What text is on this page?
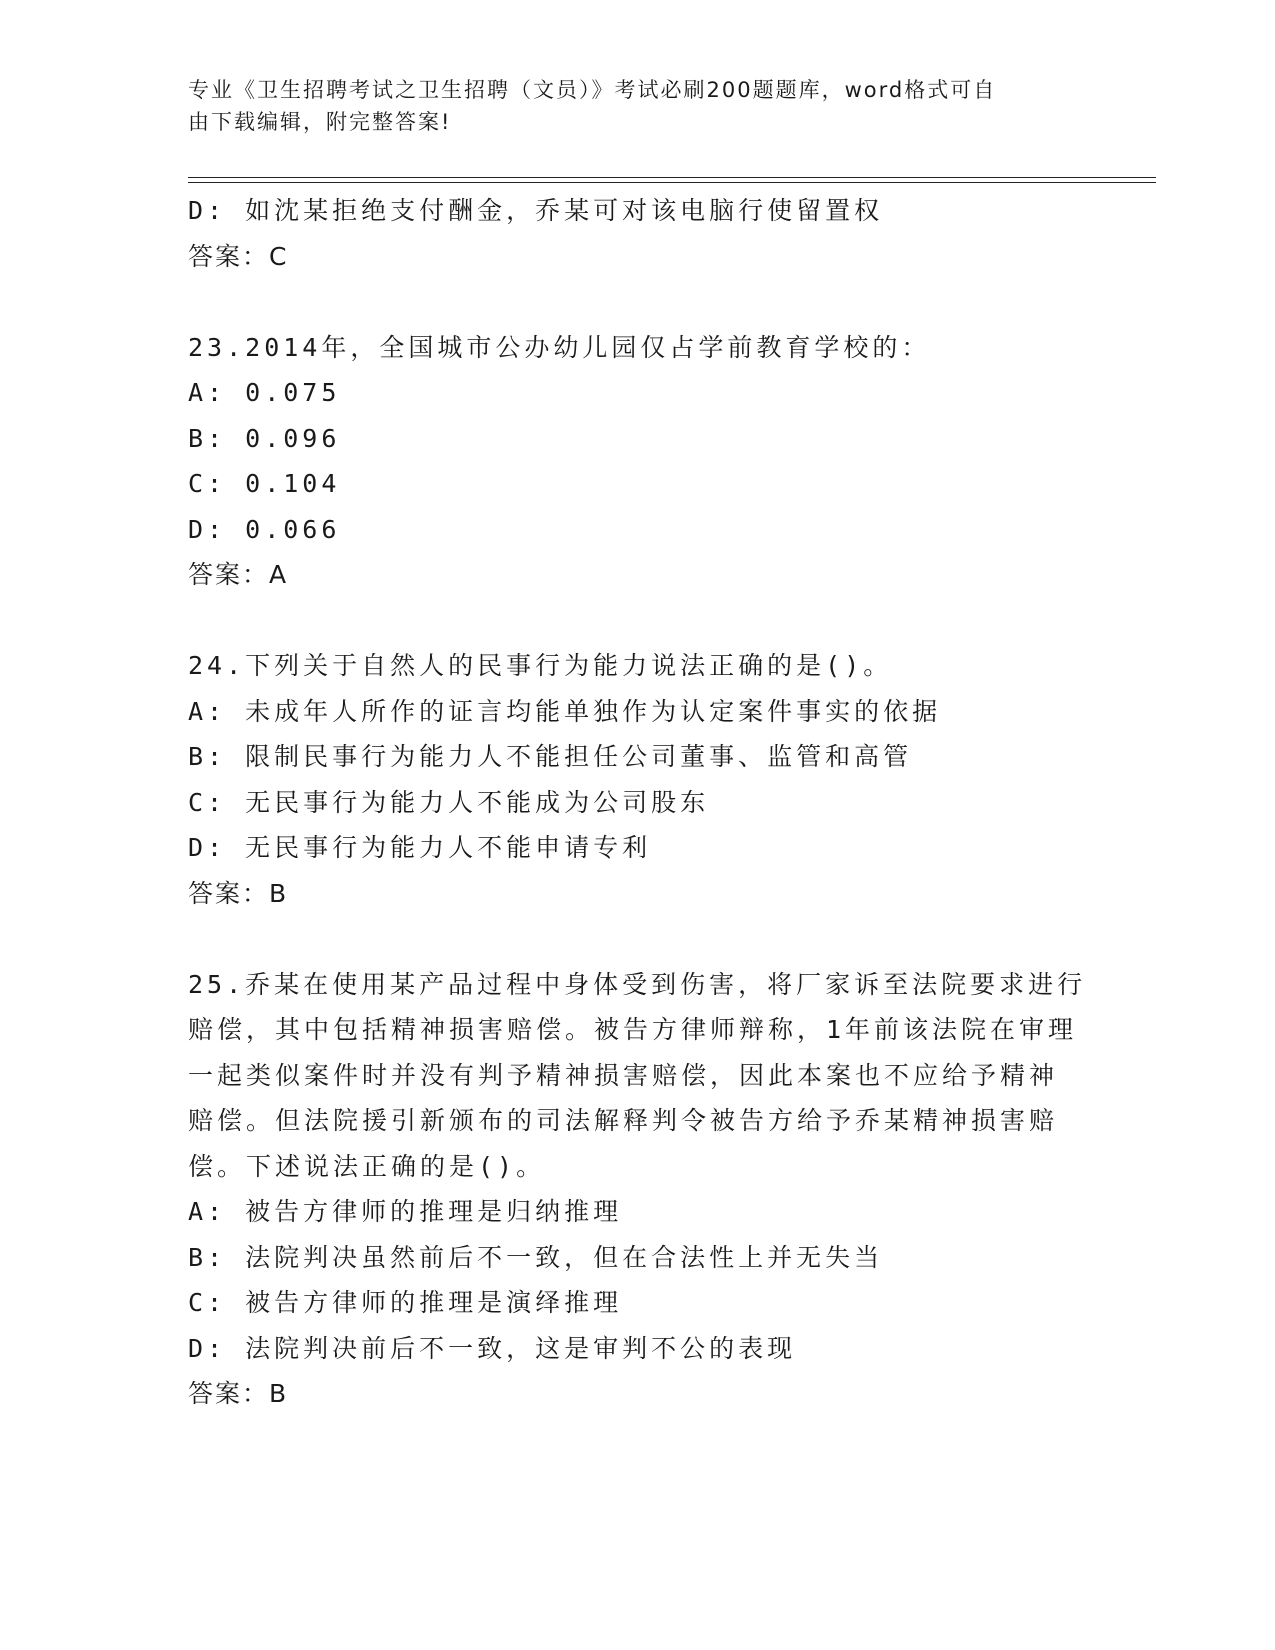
专业《卫生招聘考试之卫生招聘（文员）》考试必刷200题题库，word格式可自
由下载编辑，附完整答案!
D: 如沈某拒绝支付酬金，乔某可对该电脑行使留置权
答案：C
23.2014年，全国城市公办幼儿园仅占学前教育学校的：
A: 0.075
B: 0.096
C: 0.104
D: 0.066
答案：A
24.下列关于自然人的民事行为能力说法正确的是()。
A: 未成年人所作的证言均能单独作为认定案件事实的依据
B: 限制民事行为能力人不能担任公司董事、监管和高管
C: 无民事行为能力人不能成为公司股东
D: 无民事行为能力人不能申请专利
答案：B
25.乔某在使用某产品过程中身体受到伤害，将厂家诉至法院要求进行
赔偿，其中包括精神损害赔偿。被告方律师辩称，1年前该法院在审理
一起类似案件时并没有判予精神损害赔偿，因此本案也不应给予精神
赔偿。但法院援引新颁布的司法解释判令被告方给予乔某精神损害赔
偿。下述说法正确的是()。
A: 被告方律师的推理是归纳推理
B: 法院判决虽然前后不一致，但在合法性上并无失当
C: 被告方律师的推理是演绎推理
D: 法院判决前后不一致，这是审判不公的表现
答案：B
